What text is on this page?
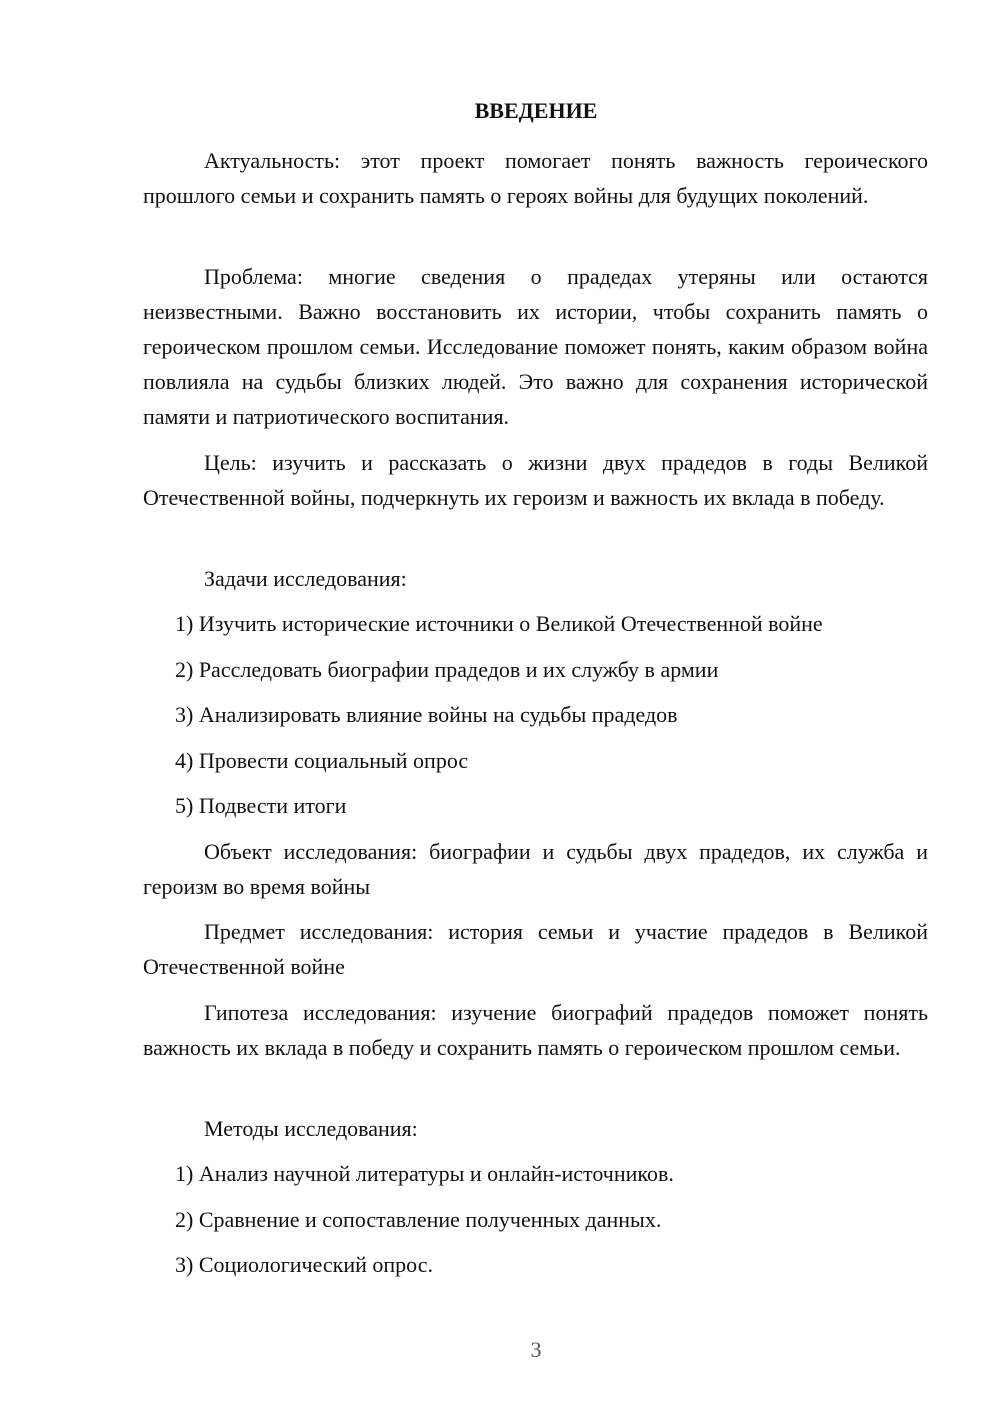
ВВЕДЕНИЕ

Актуальность: этот проект помогает понять важность героического прошлого семьи и сохранить память о героях войны для будущих поколений.

Проблема: многие сведения о прадедах утеряны или остаются неизвестными. Важно восстановить их истории, чтобы сохранить память о героическом прошлом семьи. Исследование поможет понять, каким образом война повлияла на судьбы близких людей. Это важно для сохранения исторической памяти и патриотического воспитания.

Цель: изучить и рассказать о жизни двух прадедов в годы Великой Отечественной войны, подчеркнуть их героизм и важность их вклада в победу.

Задачи исследования:

1) Изучить исторические источники о Великой Отечественной войне

2) Расследовать биографии прадедов и их службу в армии

3) Анализировать влияние войны на судьбы прадедов

4) Провести социальный опрос

5) Подвести итоги

Объект исследования: биографии и судьбы двух прадедов, их служба и героизм во время войны

Предмет исследования: история семьи и участие прадедов в Великой Отечественной войне

Гипотеза исследования: изучение биографий прадедов поможет понять важность их вклада в победу и сохранить память о героическом прошлом семьи.

Методы исследования:

1) Анализ научной литературы и онлайн-источников.

2) Сравнение и сопоставление полученных данных.

3) Социологический опрос.

3
